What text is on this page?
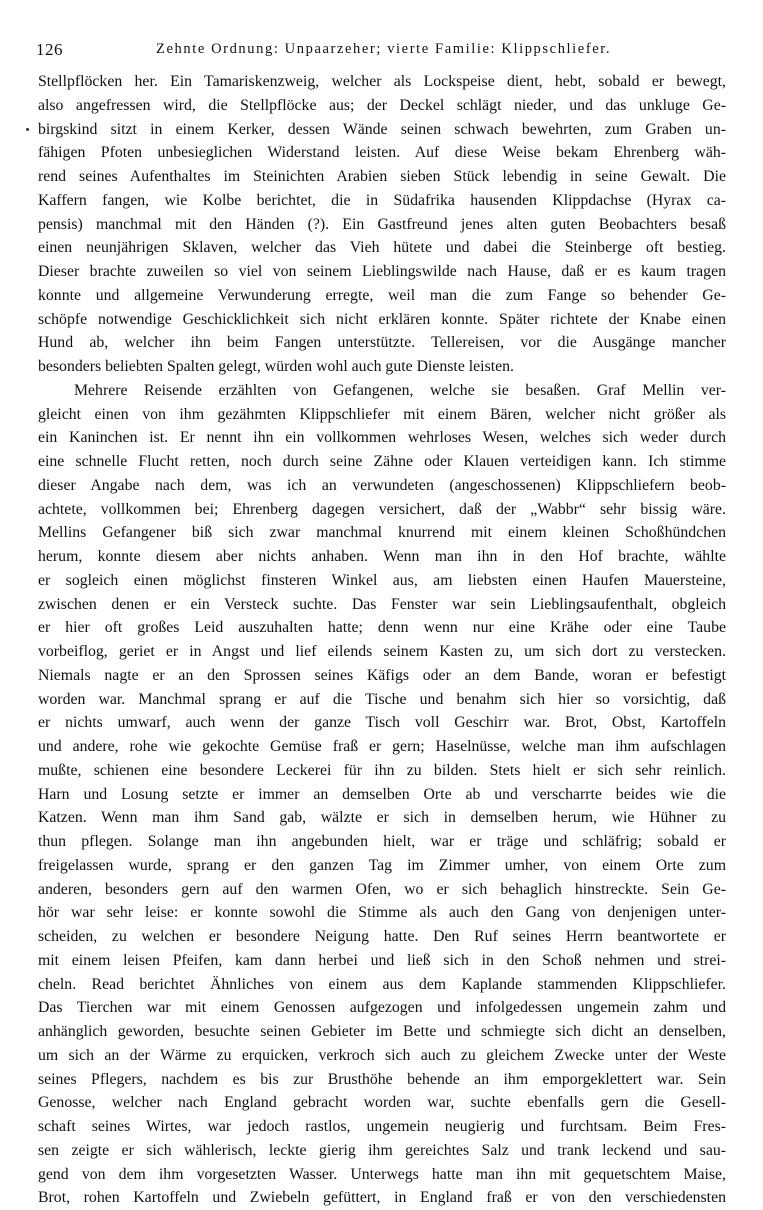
126	Zehnte Ordnung: Unpaarzeher; vierte Familie: Klippschliefer.
Stellpflöcken her. Ein Tamariskenzweig, welcher als Lockspeise dient, hebt, sobald er bewegt,
also angefressen wird, die Stellpflöcke aus; der Deckel schlägt nieder, und das unkluge Ge-
birgskind sitzt in einem Kerker, dessen Wände seinen schwach bewehrten, zum Graben un-
fähigen Pfoten unbesieglichen Widerstand leisten. Auf diese Weise bekam Ehrenberg wäh-
rend seines Aufenthaltes im Steinichten Arabien sieben Stück lebendig in seine Gewalt. Die
Kaffern fangen, wie Kolbe berichtet, die in Südafrika hausenden Klippdachse (Hyrax ca-
pensis) manchmal mit den Händen (?). Ein Gastfreund jenes alten guten Beobachters besaß
einen neunjährigen Sklaven, welcher das Vieh hütete und dabei die Steinberge oft bestieg.
Dieser brachte zuweilen so viel von seinem Lieblingswilde nach Hause, daß er es kaum tragen
konnte und allgemeine Verwunderung erregte, weil man die zum Fange so behender Ge-
schöpfe notwendige Geschicklichkeit sich nicht erklären konnte. Später richtete der Knabe einen
Hund ab, welcher ihn beim Fangen unterstützte. Tellereisen, vor die Ausgänge mancher
besonders beliebten Spalten gelegt, würden wohl auch gute Dienste leisten.
Mehrere Reisende erzählten von Gefangenen, welche sie besaßen. Graf Mellin ver-
gleicht einen von ihm gezähmten Klippschliefer mit einem Bären, welcher nicht größer als
ein Kaninchen ist. Er nennt ihn ein vollkommen wehrloses Wesen, welches sich weder durch
eine schnelle Flucht retten, noch durch seine Zähne oder Klauen verteidigen kann. Ich stimme
dieser Angabe nach dem, was ich an verwundeten (angeschossenen) Klippschliefern beob-
achtete, vollkommen bei; Ehrenberg dagegen versichert, daß der „Wabbr“ sehr bissig wäre.
Mellins Gefangener biß sich zwar manchmal knurrend mit einem kleinen Schoßhündchen
herum, konnte diesem aber nichts anhaben. Wenn man ihn in den Hof brachte, wählte
er sogleich einen möglichst finsteren Winkel aus, am liebsten einen Haufen Mauersteine,
zwischen denen er ein Versteck suchte. Das Fenster war sein Lieblingsaufenthalt, obgleich
er hier oft großes Leid auszuhalten hatte; denn wenn nur eine Krähe oder eine Taube
vorbeiflog, geriet er in Angst und lief eilends seinem Kasten zu, um sich dort zu verstecken.
Niemals nagte er an den Sprossen seines Käfigs oder an dem Bande, woran er befestigt
worden war. Manchmal sprang er auf die Tische und benahm sich hier so vorsichtig, daß
er nichts umwarf, auch wenn der ganze Tisch voll Geschirr war. Brot, Obst, Kartoffeln
und andere, rohe wie gekochte Gemüse fraß er gern; Haselnüsse, welche man ihm aufschlagen
mußte, schienen eine besondere Leckerei für ihn zu bilden. Stets hielt er sich sehr reinlich.
Harn und Losung setzte er immer an demselben Orte ab und verscharrte beides wie die
Katzen. Wenn man ihm Sand gab, wälzte er sich in demselben herum, wie Hühner zu
thun pflegen. Solange man ihn angebunden hielt, war er träge und schläfrig; sobald er
freigelassen wurde, sprang er den ganzen Tag im Zimmer umher, von einem Orte zum
anderen, besonders gern auf den warmen Ofen, wo er sich behaglich hinstreckte. Sein Ge-
hör war sehr leise: er konnte sowohl die Stimme als auch den Gang von denjenigen unter-
scheiden, zu welchen er besondere Neigung hatte. Den Ruf seines Herrn beantwortete er
mit einem leisen Pfeifen, kam dann herbei und ließ sich in den Schoß nehmen und strei-
cheln. Read berichtet Ähnliches von einem aus dem Kaplande stammenden Klippschliefer.
Das Tierchen war mit einem Genossen aufgezogen und infolgedessen ungemein zahm und
anhänglich geworden, besuchte seinen Gebieter im Bette und schmiegte sich dicht an denselben,
um sich an der Wärme zu erquicken, verkroch sich auch zu gleichem Zwecke unter der Weste
seines Pflegers, nachdem es bis zur Brusthöhe behende an ihm emporgeklettert war. Sein
Genosse, welcher nach England gebracht worden war, suchte ebenfalls gern die Gesell-
schaft seines Wirtes, war jedoch rastlos, ungemein neugierig und furchtsam. Beim Fres-
sen zeigte er sich wählerisch, leckte gierig ihm gereichtes Salz und trank leckend und sau-
gend von dem ihm vorgesetzten Wasser. Unterwegs hatte man ihn mit gequetschtem Maise,
Brot, rohen Kartoffeln und Zwiebeln gefüttert, in England fraß er von den verschiedensten
